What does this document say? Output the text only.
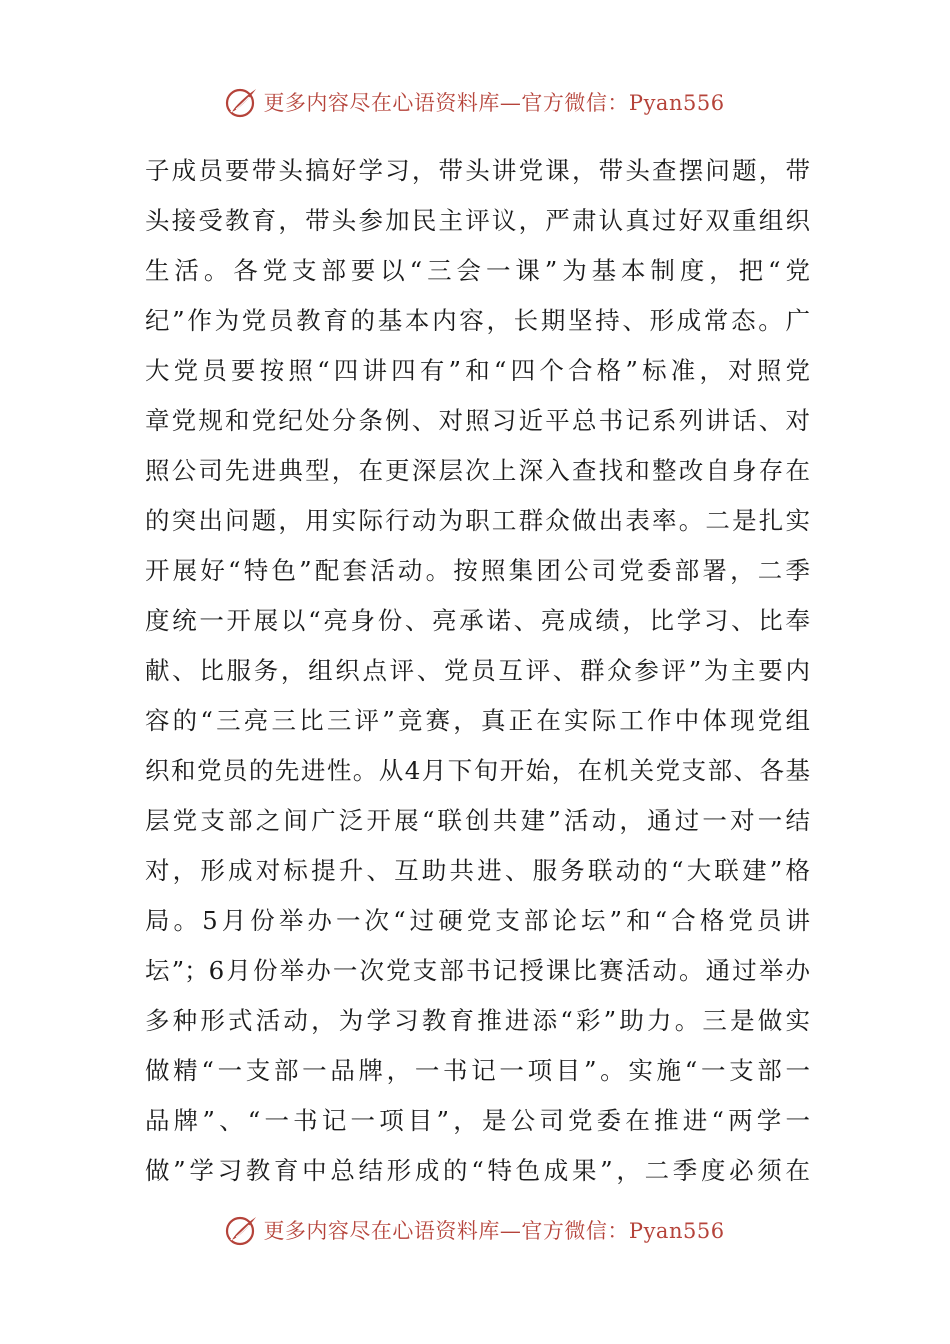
更多内容尽在心语资料库—官方微信：Pyan556
子成员要带头搞好学习，带头讲党课，带头查摆问题，带
头接受教育，带头参加民主评议，严肃认真过好双重组织
生活。各党支部要以“三会一课”为基本制度，把“党
纪”作为党员教育的基本内容，长期坚持、形成常态。广
大党员要按照“四讲四有”和“四个合格”标准，对照党
章党规和党纪处分条例、对照习近平总书记系列讲话、对
照公司先进典型，在更深层次上深入查找和整改自身存在
的突出问题，用实际行动为职工群众做出表率。二是扎实
开展好“特色”配套活动。按照集团公司党委部署，二季
度统一开展以“亮身份、亮承诺、亮成绩，比学习、比奉
献、比服务，组织点评、党员互评、群众参评”为主要内
容的“三亮三比三评”竞赛，真正在实际工作中体现党组
织和党员的先进性。从4月下旬开始，在机关党支部、各基
层党支部之间广泛开展“联创共建”活动，通过一对一结
对，形成对标提升、互助共进、服务联动的“大联建”格
局。5月份举办一次“过硬党支部论坛”和“合格党员讲
坛”；6月份举办一次党支部书记授课比赛活动。通过举办
多种形式活动，为学习教育推进添“彩”助力。三是做实
做精“一支部一品牌，一书记一项目”。实施“一支部一
品牌”、“一书记一项目”，是公司党委在推进“两学一
做”学习教育中总结形成的“特色成果”，二季度必须在
更多内容尽在心语资料库—官方微信：Pyan556
